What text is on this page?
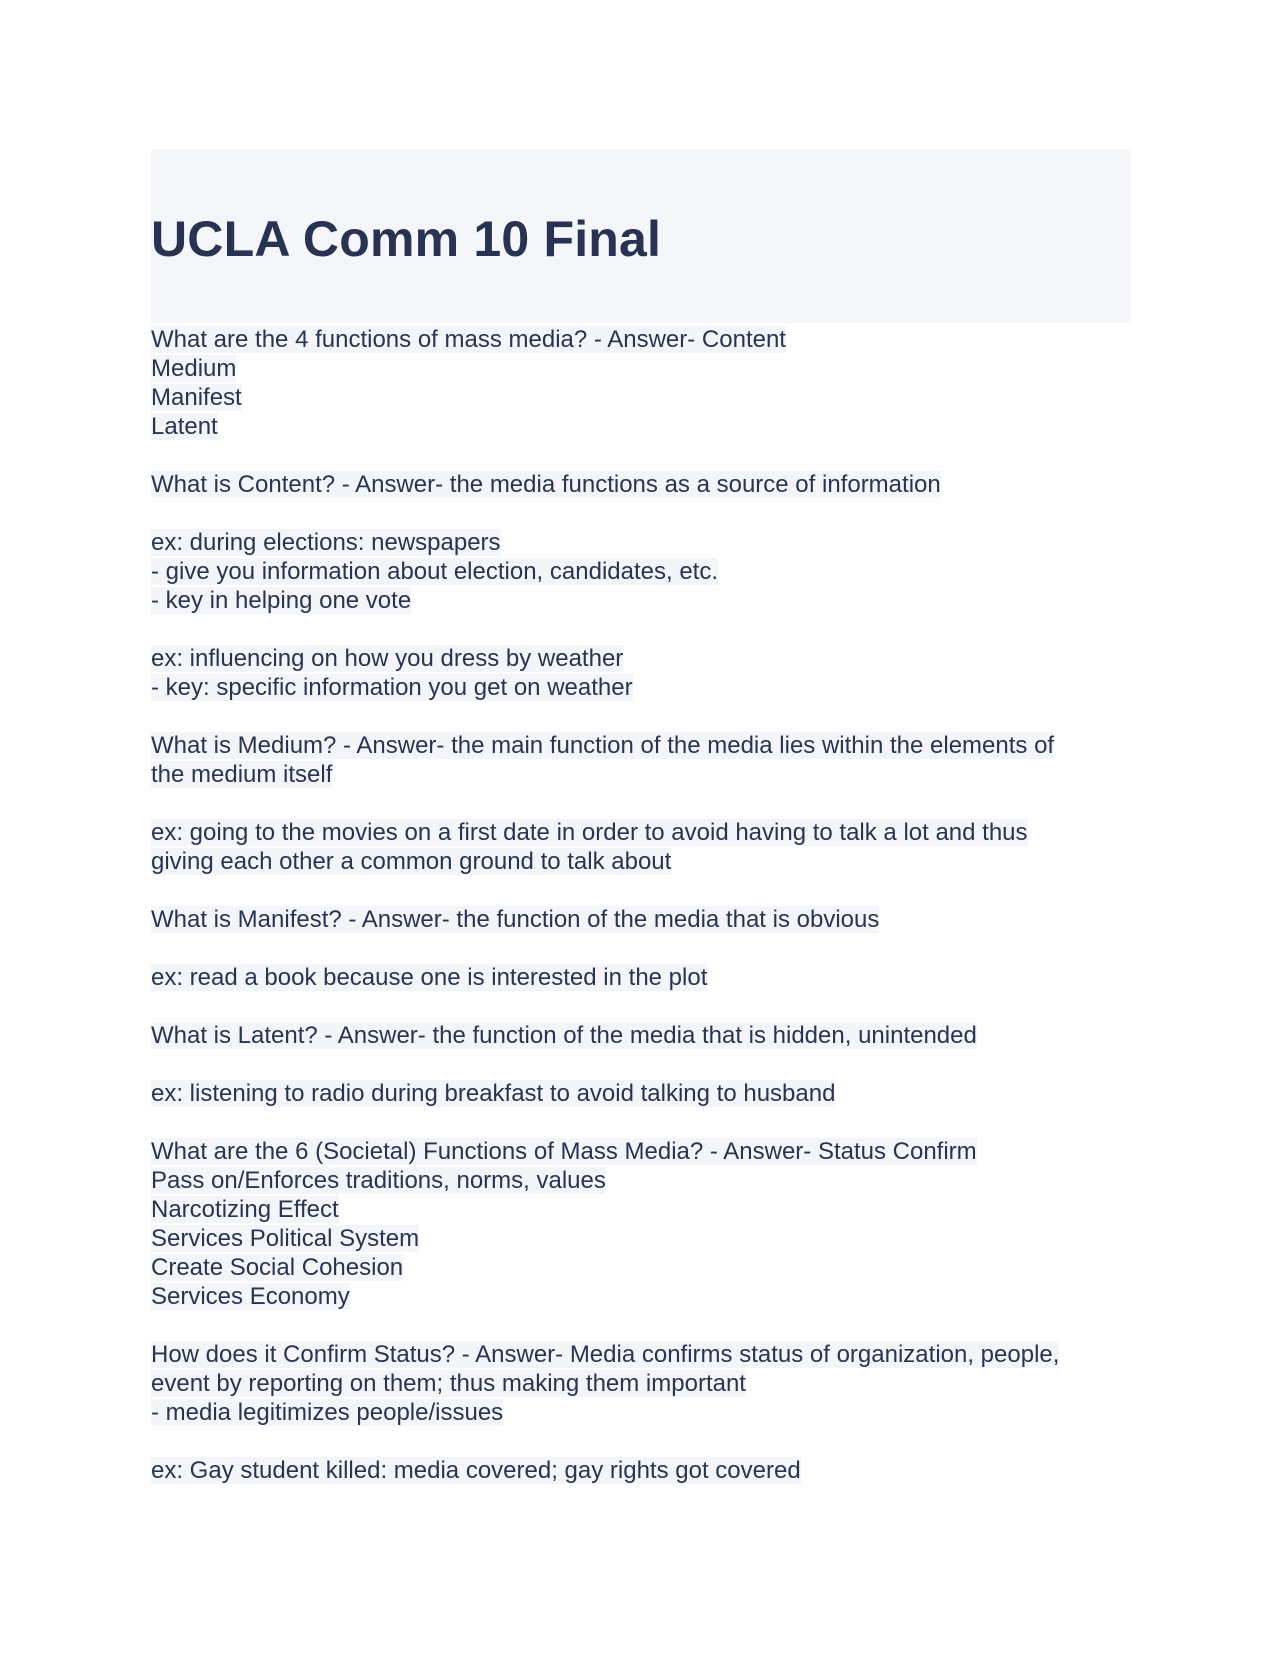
UCLA Comm 10 Final
What are the 4 functions of mass media? - Answer- Content
Medium
Manifest
Latent
What is Content? - Answer- the media functions as a source of information
ex: during elections: newspapers
- give you information about election, candidates, etc.
- key in helping one vote
ex: influencing on how you dress by weather
- key: specific information you get on weather
What is Medium? - Answer- the main function of the media lies within the elements of
the medium itself
ex: going to the movies on a first date in order to avoid having to talk a lot and thus
giving each other a common ground to talk about
What is Manifest? - Answer- the function of the media that is obvious
ex: read a book because one is interested in the plot
What is Latent? - Answer- the function of the media that is hidden, unintended
ex: listening to radio during breakfast to avoid talking to husband
What are the 6 (Societal) Functions of Mass Media? - Answer- Status Confirm
Pass on/Enforces traditions, norms, values
Narcotizing Effect
Services Political System
Create Social Cohesion
Services Economy
How does it Confirm Status? - Answer- Media confirms status of organization, people,
event by reporting on them; thus making them important
- media legitimizes people/issues
ex: Gay student killed: media covered; gay rights got covered
